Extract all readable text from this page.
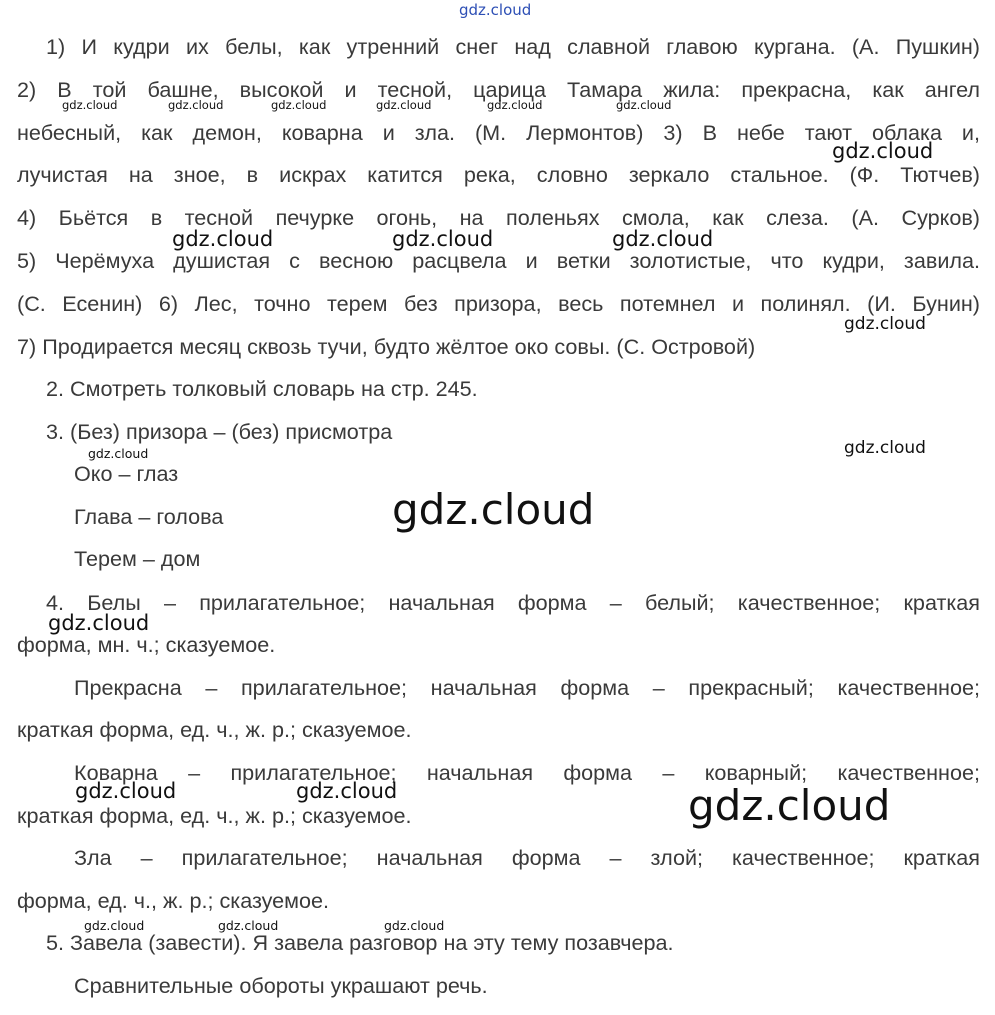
gdz.cloud

1) И кудри их белы, как утренний снег над славной главою кургана. (А. Пушкин)

2) В той башне, высокой и тесной, царица Тамара жила: прекрасна, как ангел

небесный, как демон, коварна и зла. (М. Лермонтов) 3) В небе тают облака и,

лучистая на зное, в искрах катится река, словно зеркало стальное. (Ф. Тютчев)

4) Бьётся в тесной печурке огонь, на поленьях смола, как слеза. (А. Сурков)

5) Черёмуха душистая с весною расцвела и ветки золотистые, что кудри, завила.

(С. Есенин) 6) Лес, точно терем без призора, весь потемнел и полинял. (И. Бунин)

7) Продирается месяц сквозь тучи, будто жёлтое око совы. (С. Островой)

2. Смотреть толковый словарь на стр. 245.

3. (Без) призора – (без) присмотра

Око – глаз

Глава – голова

Терем – дом

4. Белы – прилагательное; начальная форма – белый; качественное; краткая

форма, мн. ч.; сказуемое.

Прекрасна – прилагательное; начальная форма – прекрасный; качественное;

краткая форма, ед. ч., ж. р.; сказуемое.

Коварна – прилагательное; начальная форма – коварный; качественное;

краткая форма, ед. ч., ж. р.; сказуемое.

Зла – прилагательное; начальная форма – злой; качественное; краткая

форма, ед. ч., ж. р.; сказуемое.

5. Завела (завести). Я завела разговор на эту тему позавчера.

Сравнительные обороты украшают речь.

gdz.cloud	gdz.cloud	gdz.cloud	gdz.cloud	gdz.cloud	gdz.cloud
gdz.cloud
gdz.cloud	gdz.cloud	gdz.cloud
gdz.cloud
gdz.cloud	gdz.cloud
gdz.cloud
gdz.cloud
gdz.cloud	gdz.cloud	gdz.cloud
gdz.cloud	gdz.cloud	gdz.cloud
